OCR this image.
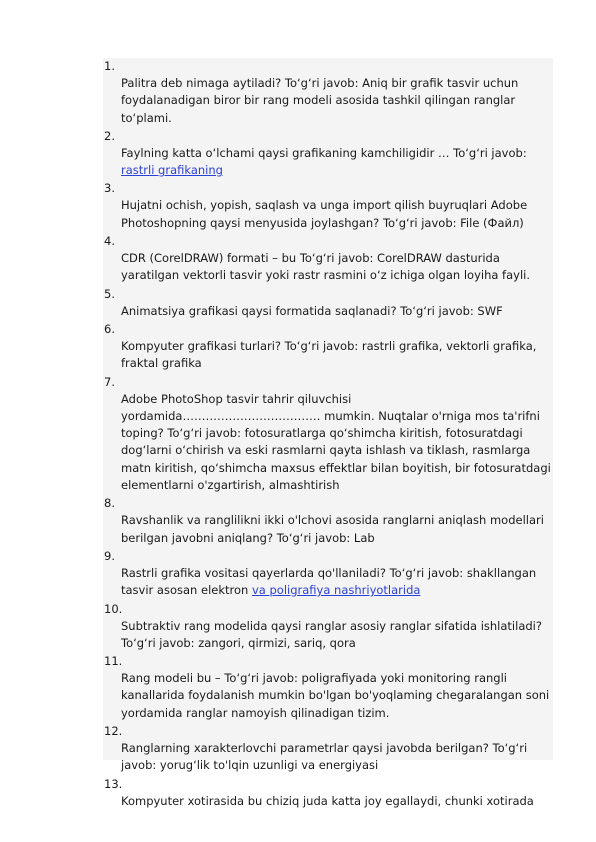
1.
Palitra deb nimaga aytiladi? To‘g‘ri javob: Aniq bir grafik tasvir uchun foydalanadigan biror bir rang modeli asosida tashkil qilingan ranglar to‘plami.
2.
Faylning katta o‘lchami qaysi grafikaning kamchiligidir … To‘g‘ri javob: rastrli grafikaning
3.
Hujatni ochish, yopish, saqlash va unga import qilish buyruqlari Adobe Photoshopning qaysi menyusida joylashgan? To‘g‘ri javob: File (Файл)
4.
CDR (CorelDRAW) formati – bu To‘g‘ri javob: CorelDRAW dasturida yaratilgan vektorli tasvir yoki rastr rasmini o‘z ichiga olgan loyiha fayli.
5.
Animatsiya grafikasi qaysi formatida saqlanadi? To‘g‘ri javob: SWF
6.
Kompyuter grafikasi turlari? To‘g‘ri javob: rastrli grafika, vektorli grafika, fraktal grafika
7.
Adobe PhotoShop tasvir tahrir qiluvchisi yordamida……………………………… mumkin. Nuqtalar o'rniga mos ta'rifni toping? To‘g‘ri javob: fotosuratlarga qo‘shimcha kiritish, fotosuratdagi dog‘larni o‘chirish va eski rasmlarni qayta ishlash va tiklash, rasmlarga matn kiritish, qo‘shimcha maxsus effektlar bilan boyitish, bir fotosuratdagi elementlarni o'zgartirish, almashtirish
8.
Ravshanlik va ranglilikni ikki o'lchovi asosida ranglarni aniqlash modellari berilgan javobni aniqlang? To‘g‘ri javob: Lab
9.
Rastrli grafika vositasi qayerlarda qo'llaniladi? To‘g‘ri javob: shakllangan tasvir asosan elektron va poligrafiya nashriyotlarida
10.
Subtraktiv rang modelida qaysi ranglar asosiy ranglar sifatida ishlatiladi? To‘g‘ri javob: zangori, qirmizi, sariq, qora
11.
Rang modeli bu – To‘g‘ri javob: poligrafiyada yoki monitoring rangli kanallarida foydalanish mumkin bo'lgan bo'yoqlaming chegaralangan soni yordamida ranglar namoyish qilinadigan tizim.
12.
Ranglarning xarakterlovchi parametrlar qaysi javobda berilgan? To‘g‘ri javob: yorug‘lik to'lqin uzunligi va energiyasi
13.
Kompyuter xotirasida bu chiziq juda katta joy egallaydi, chunki xotirada
